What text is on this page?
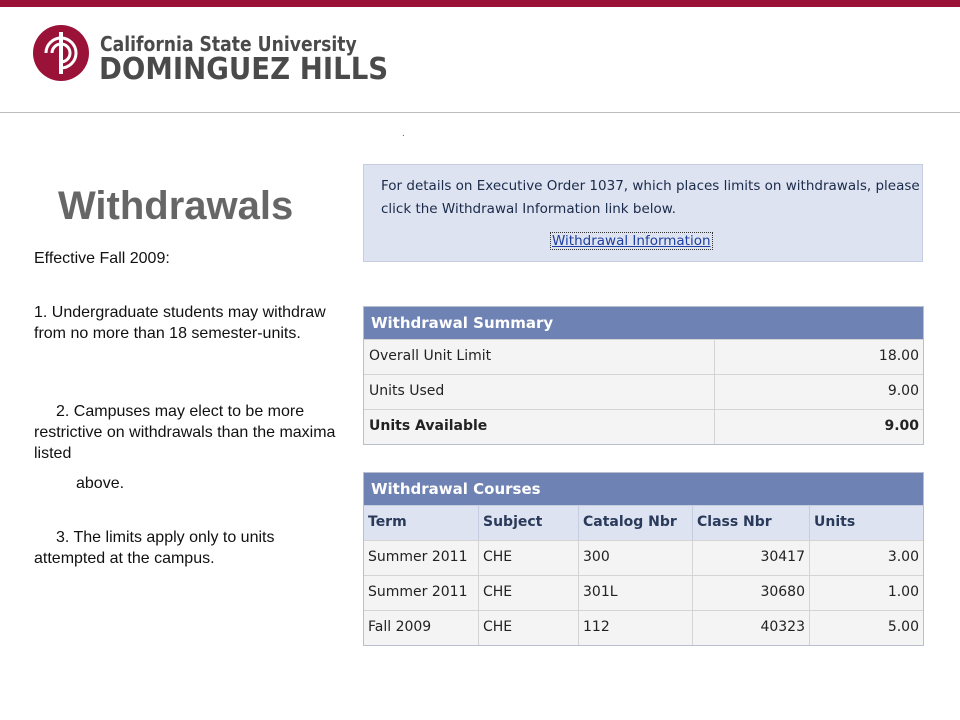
California State University
DOMINGUEZ HILLS
.
Withdrawals
Effective Fall 2009:
1. Undergraduate students may withdraw from no more than 18 semester-units.
2. Campuses may elect to be more restrictive on withdrawals than the maxima listed
above.
3. The limits apply only to units attempted at the campus.
For details on Executive Order 1037, which places limits on withdrawals, please click the Withdrawal Information link below.
Withdrawal Information
Withdrawal Summary
Overall Unit Limit	18.00
Units Used	9.00
Units Available	9.00
Withdrawal Courses
Term	Subject	Catalog Nbr	Class Nbr	Units
Summer 2011	CHE	300	30417	3.00
Summer 2011	CHE	301L	30680	1.00
Fall 2009	CHE	112	40323	5.00
